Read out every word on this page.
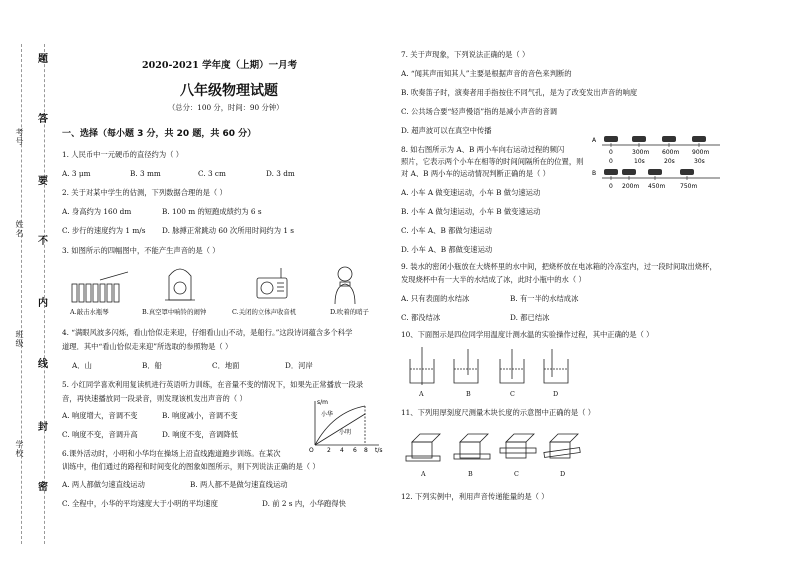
考号
姓名
班级
学校
题
答
要
不
内
线
封
密
2020-2021 学年度（上期）一月考
八年级物理试题
（总分：100 分，时间：90 分钟）
一、选择（每小题 3 分，共 20 题，共 60 分）
1. 人民币中一元硬币的直径约为（ ）
A. 3 μm	B. 3 mm	C. 3 cm	D. 3 dm
2. 关于对某中学生的估测，下列数据合理的是（ ）
A. 身高约为 160 dm	B. 100 m 的短跑成绩约为 6 s
C. 步行的速度约为 1 m/s D. 脉搏正常跳动 60 次所用时间约为 1 s
3. 如图所示的四幅图中，不能产生声音的是（ ）
A.敲击水瓶琴	B.真空罩中响铃的闹钟	C.关闭的立体声收音机	D.吹着的哨子
4. “满眼风波多闪烁，看山恰似走来迎，仔细看山山不动，是船行。”这段诗词蕴含多个科学
道理．其中“看山恰似走来迎”所选取的参照物是（ ）
A．山	B．船	C．地面	D．河岸
5. 小红同学喜欢利用复读机进行英语听力训练，在音量不变的情况下，如果先正常播放一段录
音，再快速播放同一段录音，则发现该机发出声音的（ ）
A. 响度增大，音调不变	B. 响度减小，音调不变
C. 响度不变，音调升高	D. 响度不变，音调降低
s/m
t/s
O 2 4 6 8
小华
小明
6.课外活动时，小明和小华均在操场上沿直线跑道跑步训练。在某次
训练中，他们通过的路程和时间变化的图象如图所示，则下列说法正确的是（ ）
A. 两人都做匀速直线运动	B. 两人都不是做匀速直线运动
C. 全程中，小华的平均速度大于小明的平均速度	D. 前 2 s 内，小华跑得快
7. 关于声现象，下列说法正确的是（ ）
A. “闻其声而知其人”主要是根据声音的音色来判断的
B. 吹奏笛子时，演奏者用手指按住不同气孔，是为了改变发出声音的响度
C. 公共场合要“轻声慢语”指的是减小声音的音调
D. 超声波可以在真空中传播
A
0	300m 600m 900m
0	10s	20s	30s
B
0 200m 450m 750m
8. 如右图所示为 A、B 两小车向右运动过程的频闪
照片，它表示两个小车在相等的时间间隔所在的位置，则
对 A、B 两小车的运动情况判断正确的是（ ）
A. 小车 A 做变速运动，小车 B 做匀速运动
B. 小车 A 做匀速运动，小车 B 做变速运动
C. 小车 A、B 都做匀速运动
D. 小车 A、B 都做变速运动
9. 装水的密闭小瓶放在大烧杯里的水中间，把烧杯放在电冰箱的冷冻室内，过一段时间取出烧杯，
发现烧杯中有一大半的水结成了冰，此时小瓶中的水（ ）
A. 只有表面的水结冰	B. 有一半的水结成冰
C. 都没结冰	D. 都已结冰
10、下面图示是四位同学用温度计测水温的实验操作过程，其中正确的是（ ）
A	B	C	D
11、下列用厚刻度尺测量木块长度的示意图中正确的是（ ）
A	B	C	D
12. 下列实例中，利用声音传递能量的是（ ）
